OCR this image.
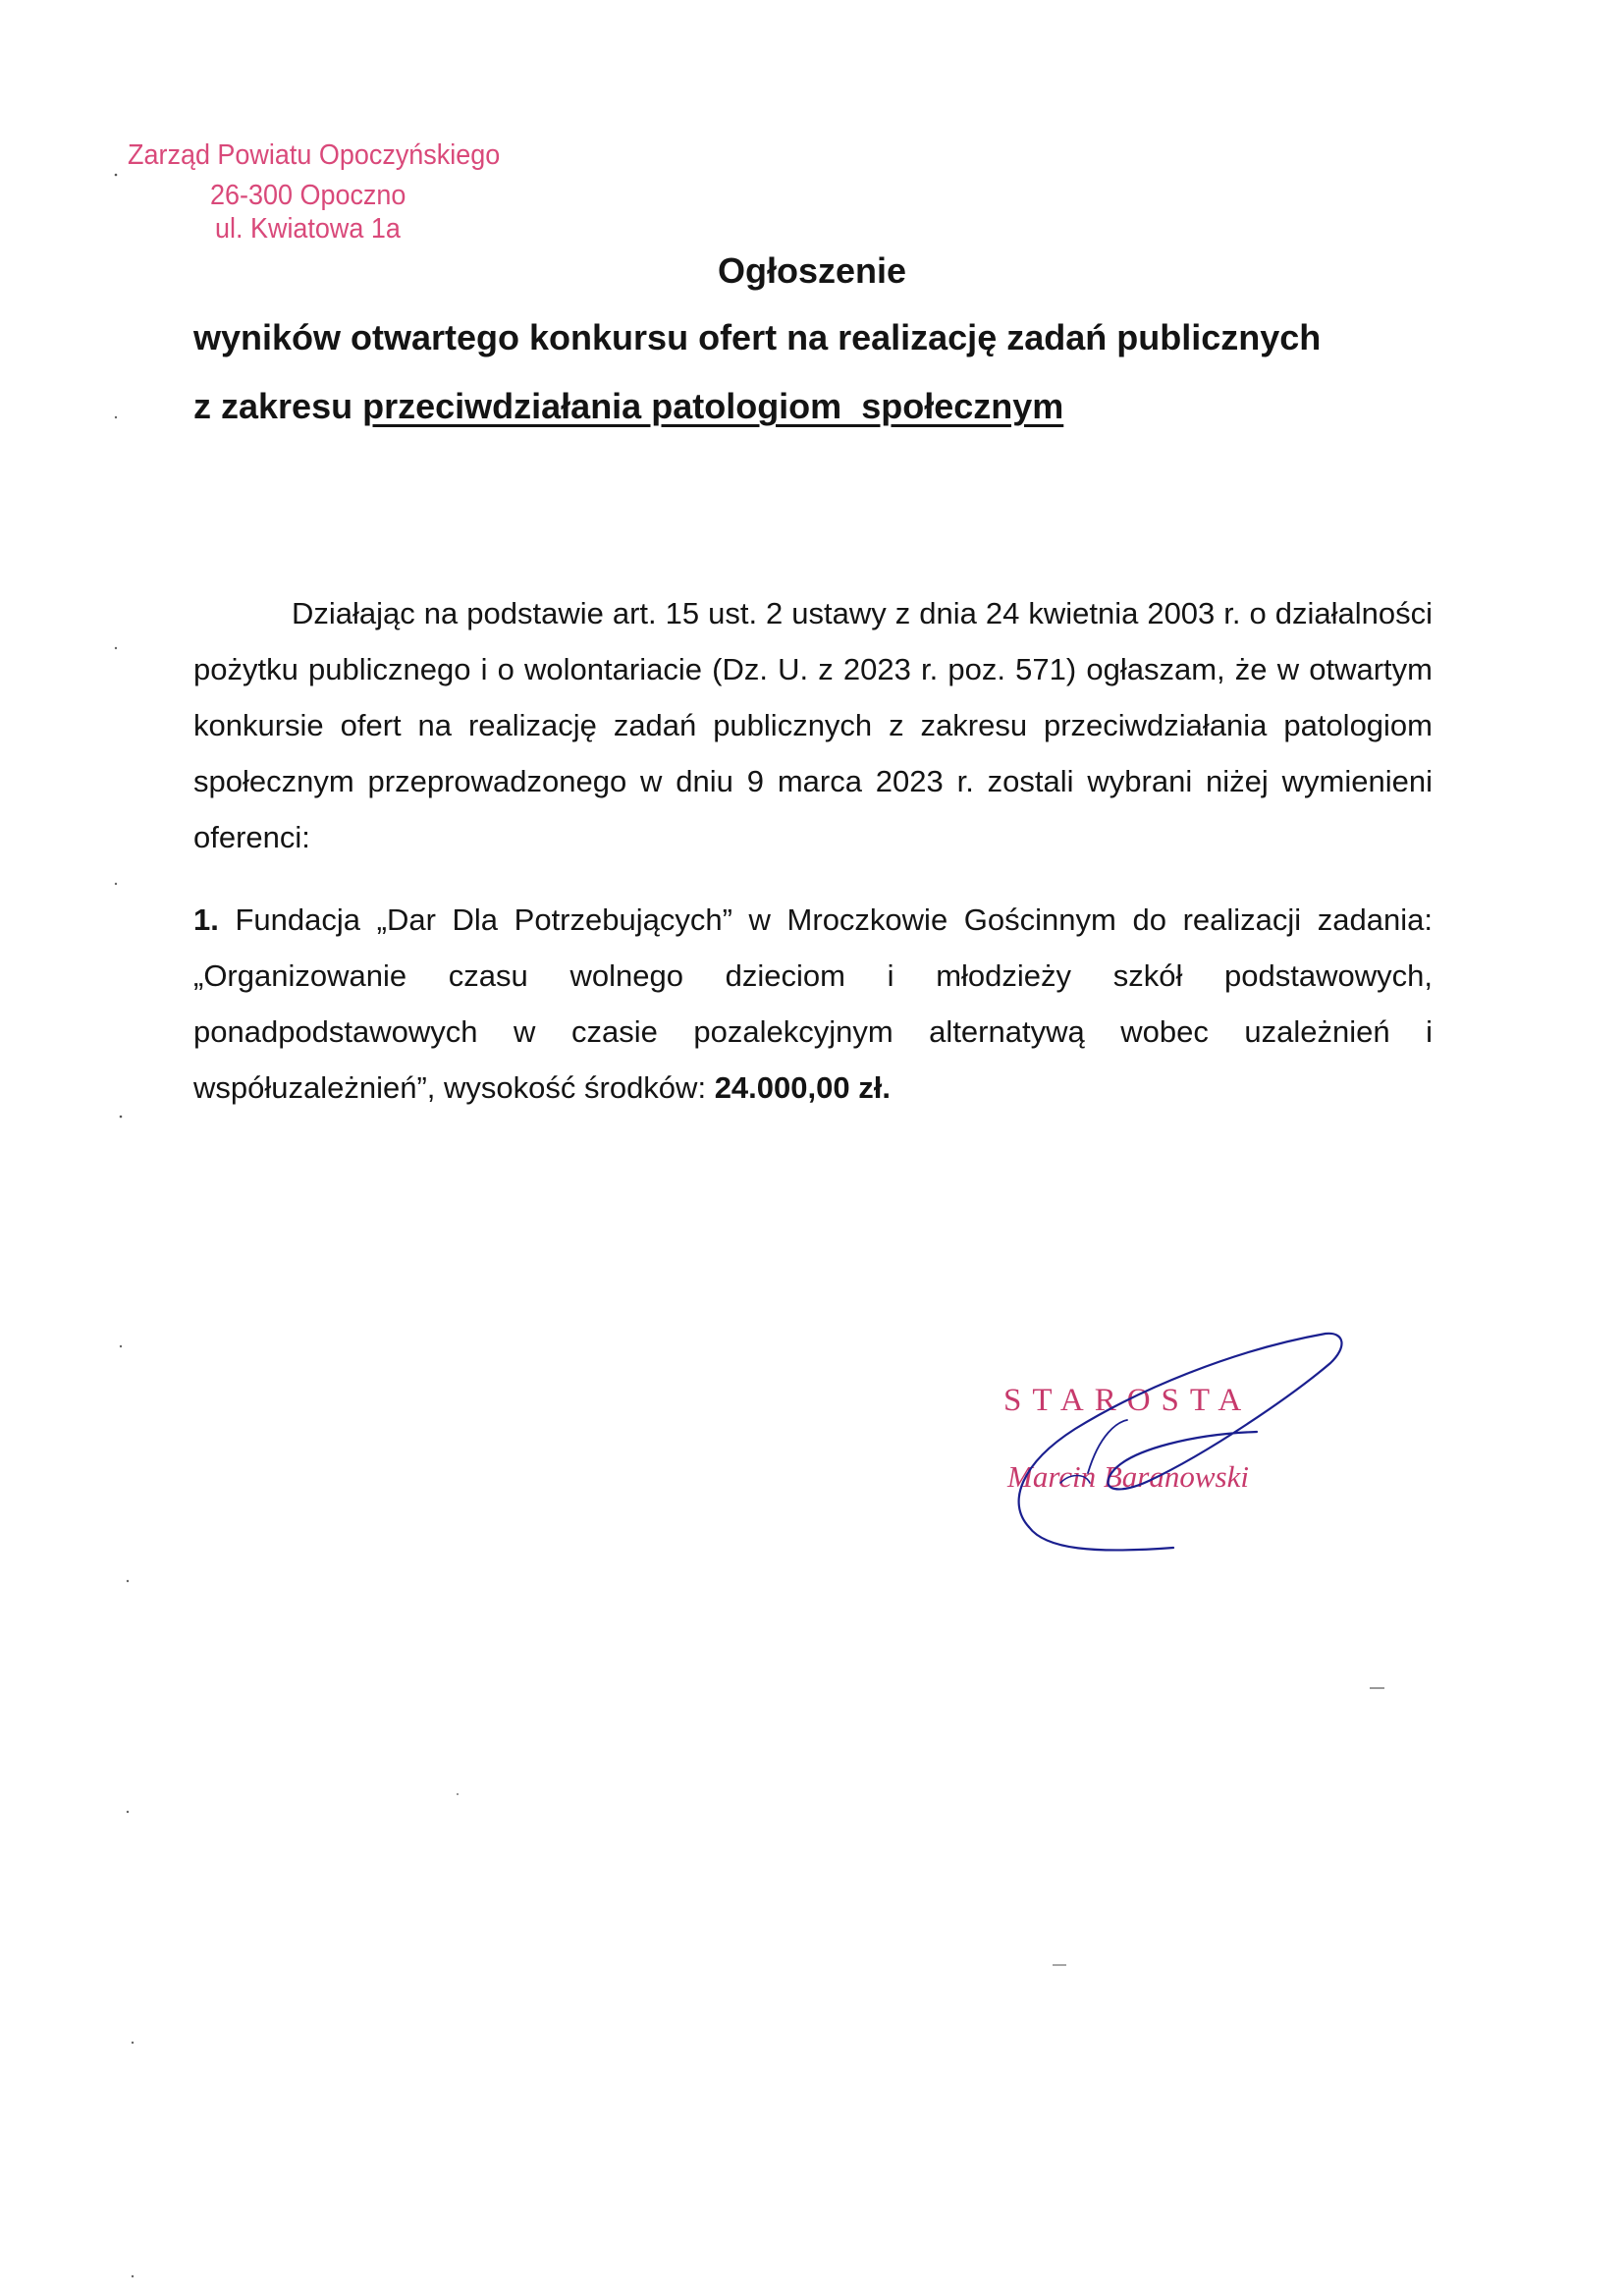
Zarząd Powiatu Opoczyńskiego
26-300 Opoczno
ul. Kwiatowa 1a
Ogłoszenie
wyników otwartego konkursu ofert na realizację zadań publicznych
z zakresu przeciwdziałania patologiom  społecznym

Działając na podstawie art. 15 ust. 2 ustawy z dnia 24 kwietnia 2003 r. o działalności pożytku publicznego i o wolontariacie (Dz. U. z 2023 r. poz. 571) ogłaszam, że w otwartym konkursie ofert na realizację zadań publicznych z zakresu przeciwdziałania patologiom społecznym przeprowadzonego w dniu 9 marca 2023 r. zostali wybrani niżej wymienieni oferenci:

1. Fundacja „Dar Dla Potrzebujących” w Mroczkowie Gościnnym do realizacji zadania: „Organizowanie czasu wolnego dzieciom i młodzieży szkół podstawowych, ponadpodstawowych w czasie pozalekcyjnym alternatywą wobec uzależnień i współuzależnień”, wysokość środków: 24.000,00 zł.

STAROSTA
Marcin Baranowski
